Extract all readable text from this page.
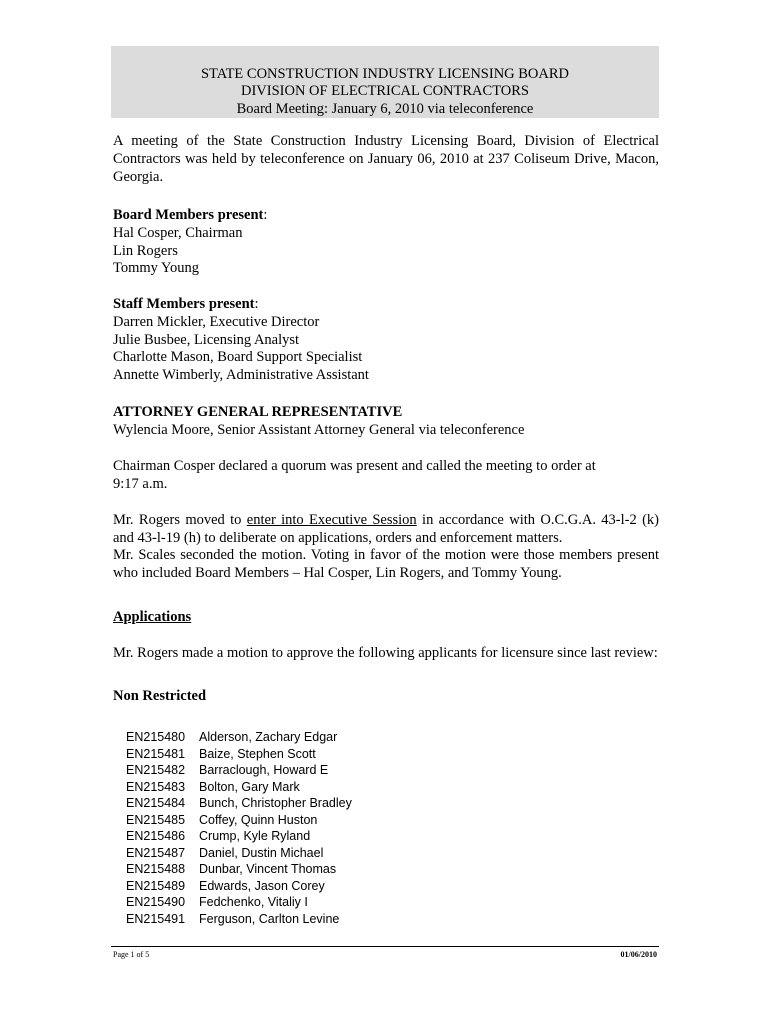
STATE CONSTRUCTION INDUSTRY LICENSING BOARD
DIVISION OF ELECTRICAL CONTRACTORS
Board Meeting: January 6, 2010 via teleconference
A meeting of the State Construction Industry Licensing Board, Division of Electrical Contractors was held by teleconference on January 06, 2010 at 237 Coliseum Drive, Macon, Georgia.
Board Members present:
Hal Cosper, Chairman
Lin Rogers
Tommy Young
Staff Members present:
Darren Mickler, Executive Director
Julie Busbee, Licensing Analyst
Charlotte Mason, Board Support Specialist
Annette Wimberly, Administrative Assistant
ATTORNEY GENERAL REPRESENTATIVE
Wylencia Moore, Senior Assistant Attorney General via teleconference
Chairman Cosper declared a quorum was present and called the meeting to order at
9:17 a.m.
Mr. Rogers moved to enter into Executive Session in accordance with O.C.G.A. 43-l-2 (k) and 43-l-19 (h) to deliberate on applications, orders and enforcement matters.
Mr. Scales seconded the motion. Voting in favor of the motion were those members present who included Board Members – Hal Cosper, Lin Rogers, and Tommy Young.
Applications
Mr. Rogers made a motion to approve the following applicants for licensure since last review:
Non Restricted
EN215480	Alderson, Zachary Edgar
EN215481	Baize, Stephen Scott
EN215482	Barraclough, Howard E
EN215483	Bolton, Gary Mark
EN215484	Bunch, Christopher Bradley
EN215485	Coffey, Quinn Huston
EN215486	Crump, Kyle Ryland
EN215487	Daniel, Dustin Michael
EN215488	Dunbar, Vincent Thomas
EN215489	Edwards, Jason Corey
EN215490	Fedchenko, Vitaliy I
EN215491	Ferguson, Carlton Levine
Page 1 of 5	01/06/2010
